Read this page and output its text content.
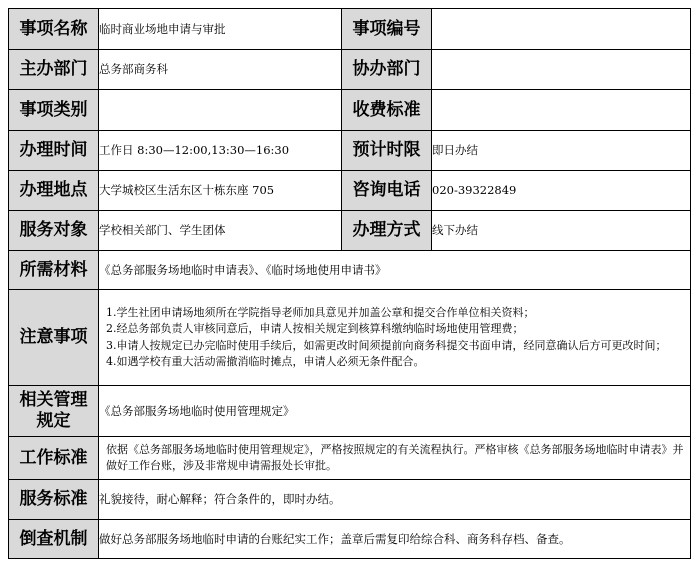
事项名称	临时商业场地申请与审批	事项编号	
主办部门	总务部商务科	协办部门	
事项类别		收费标准	
办理时间	工作日 8:30—12:00,13:30—16:30	预计时限	即日办结
办理地点	大学城校区生活东区十栋东座 705	咨询电话	020-39322849
服务对象	学校相关部门、学生团体	办理方式	线下办结
所需材料	《总务部服务场地临时申请表》、《临时场地使用申请书》		
注意事项	1.学生社团申请场地须所在学院指导老师加具意见并加盖公章和提交合作单位相关资料；
2.经总务部负责人审核同意后，申请人按相关规定到核算科缴纳临时场地使用管理费；
3.申请人按规定已办完临时使用手续后，如需更改时间须提前向商务科提交书面申请，经同意确认后方可更改时间；
4.如遇学校有重大活动需撤消临时摊点，申请人必须无条件配合。		

相关管理
规定	《总务部服务场地临时使用管理规定》		
工作标准	依据《总务部服务场地临时使用管理规定》，严格按照规定的有关流程执行。严格审核《总务部服务场地临时申请表》并做好工作台账，涉及非常规申请需报处长审批。		
服务标准	礼貌接待，耐心解释；符合条件的，即时办结。		
倒查机制	做好总务部服务场地临时申请的台账纪实工作；盖章后需复印给综合科、商务科存档、备查。		
